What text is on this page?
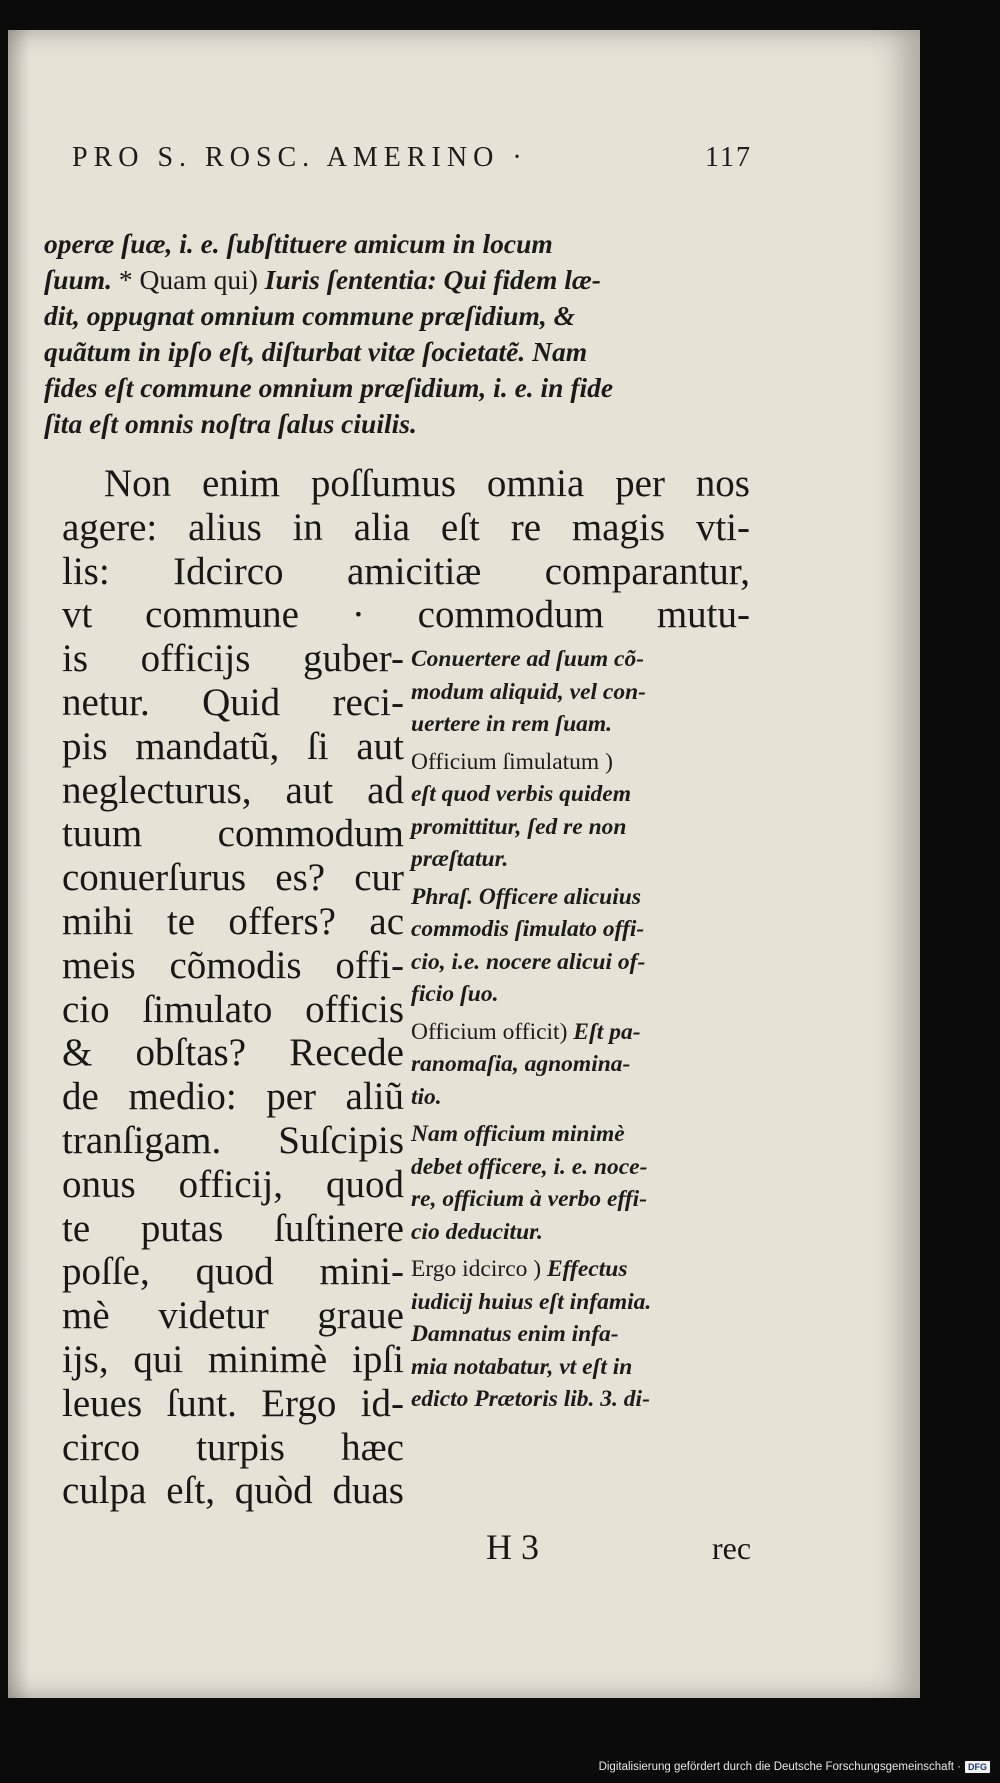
PRO S. ROSC. AMERINO ·	117

operæ ſuæ, i. e. ſubſtituere amicum in locum

ſuum. * Quam qui) Iuris ſententia: Qui fidem læ-

dit, oppugnat omnium commune præſidium, &

quãtum in ipſo eſt, diſturbat vitæ ſocietatẽ. Nam

fides eſt commune omnium præſidium, i. e. in fide

ſita eſt omnis noſtra ſalus ciuilis.

Non enim poſſumus omnia per nos
agere: alius in alia eſt re magis vti-
lis: Idcirco amicitiæ comparantur,
vt commune · commodum mutu-
is officijs guber-
netur. Quid reci-
pis mandatũ, ſi aut
neglecturus, aut ad
tuum commodum
conuerſurus es? cur
mihi te offers? ac
meis cõmodis offi-
cio ſimulato officis
& obſtas? Recede
de medio: per aliũ
tranſigam. Suſcipis
onus officij, quod
te putas ſuſtinere
poſſe, quod mini-
mè videtur graue
ijs, qui minimè ipſi
leues ſunt. Ergo id-
circo turpis hæc
culpa eſt, quòd duas
Conuertere ad ſuum cõ-
modum aliquid, vel con-
uertere in rem ſuam.
Officium ſimulatum )
eſt quod verbis quidem
promittitur, ſed re non
præſtatur.
Phraſ. Officere alicuius
commodis ſimulato offi-
cio, i.e. nocere alicui of-
ficio ſuo.
Officium officit) Eſt pa-
ranomaſia, agnomina-
tio.
Nam officium minimè
debet officere, i. e. noce-
re, officium à verbo effi-
cio deducitur.
Ergo idcirco ) Effectus
iudicij huius eſt infamia.
Damnatus enim infa-
mia notabatur, vt eſt in
edicto Prætoris lib. 3. di-
H 3	rec
Digitalisierung gefördert durch die Deutsche Forschungsgemeinschaft · DFG
